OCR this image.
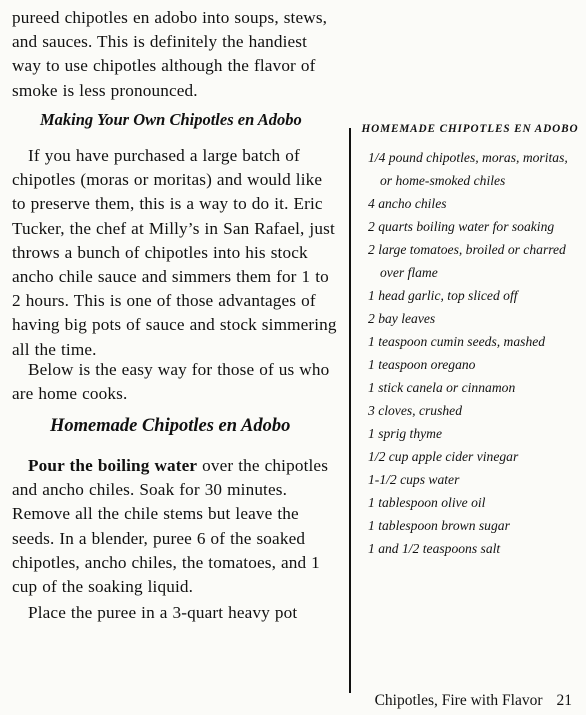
pureed chipotles en adobo into soups, stews, and sauces. This is definitely the handiest way to use chipotles although the flavor of smoke is less pronounced.

Making Your Own Chipotles en Adobo

If you have purchased a large batch of chipotles (moras or moritas) and would like to preserve them, this is a way to do it. Eric Tucker, the chef at Milly’s in San Rafael, just throws a bunch of chipotles into his stock ancho chile sauce and simmers them for 1 to 2 hours. This is one of those advantages of having big pots of sauce and stock simmering all the time.

Below is the easy way for those of us who are home cooks.

Homemade Chipotles en Adobo

Pour the boiling water over the chipotles and ancho chiles. Soak for 30 minutes. Remove all the chile stems but leave the seeds. In a blender, puree 6 of the soaked chipotles, ancho chiles, the tomatoes, and 1 cup of the soaking liquid.

Place the puree in a 3-quart heavy pot

HOMEMADE CHIPOTLES EN ADOBO
1/4 pound chipotles, moras, moritas, or home-smoked chiles
4 ancho chiles
2 quarts boiling water for soaking
2 large tomatoes, broiled or charred over flame
1 head garlic, top sliced off
2 bay leaves
1 teaspoon cumin seeds, mashed
1 teaspoon oregano
1 stick canela or cinnamon
3 cloves, crushed
1 sprig thyme
1/2 cup apple cider vinegar
1-1/2 cups water
1 tablespoon olive oil
1 tablespoon brown sugar
1 and 1/2 teaspoons salt
Chipotles, Fire with Flavor 21
